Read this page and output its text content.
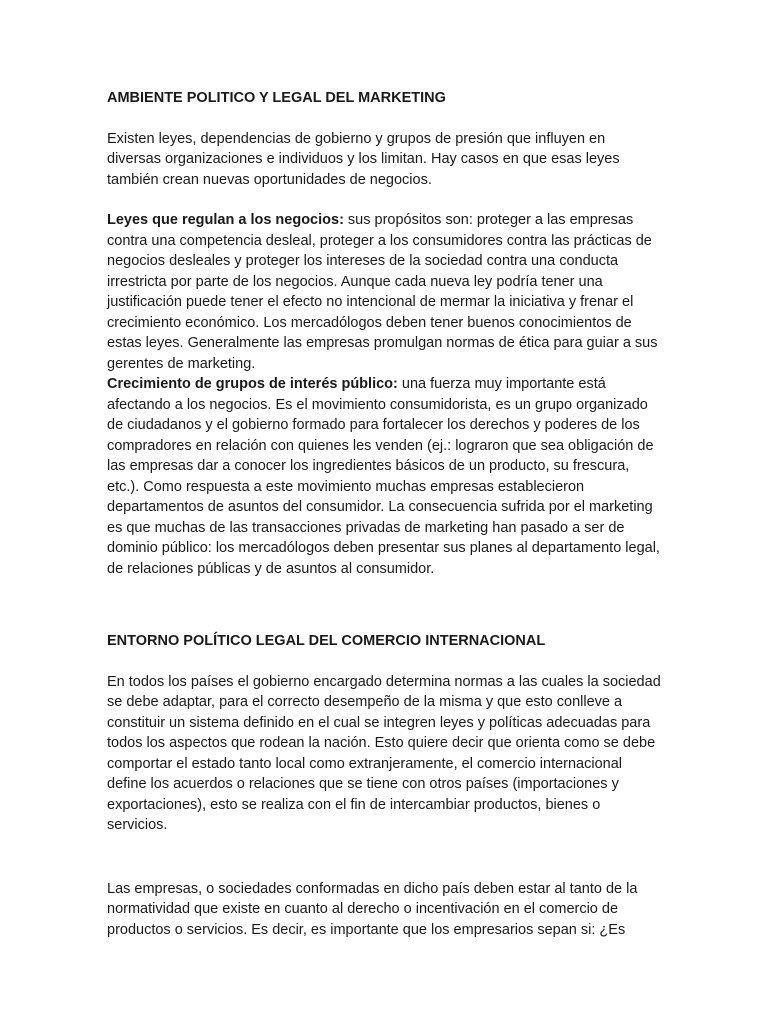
AMBIENTE POLITICO Y LEGAL DEL MARKETING

Existen leyes, dependencias de gobierno y grupos de presión que influyen en diversas organizaciones e individuos y los limitan. Hay casos en que esas leyes también crean nuevas oportunidades de negocios.

Leyes que regulan a los negocios: sus propósitos son: proteger a las empresas contra una competencia desleal, proteger a los consumidores contra las prácticas de negocios desleales y proteger los intereses de la sociedad contra una conducta irrestricta por parte de los negocios. Aunque cada nueva ley podría tener una justificación puede tener el efecto no intencional de mermar la iniciativa y frenar el crecimiento económico. Los mercadólogos deben tener buenos conocimientos de estas leyes. Generalmente las empresas promulgan normas de ética para guiar a sus gerentes de marketing.

Crecimiento de grupos de interés público: una fuerza muy importante está afectando a los negocios. Es el movimiento consumidorista, es un grupo organizado de ciudadanos y el gobierno formado para fortalecer los derechos y poderes de los compradores en relación con quienes les venden (ej.: lograron que sea obligación de las empresas dar a conocer los ingredientes básicos de un producto, su frescura, etc.). Como respuesta a este movimiento muchas empresas establecieron departamentos de asuntos del consumidor. La consecuencia sufrida por el marketing es que muchas de las transacciones privadas de marketing han pasado a ser de dominio público: los mercadólogos deben presentar sus planes al departamento legal, de relaciones públicas y de asuntos al consumidor.

ENTORNO POLÍTICO LEGAL DEL COMERCIO INTERNACIONAL

En todos los países el gobierno encargado determina normas a las cuales la sociedad se debe adaptar, para el correcto desempeño de la misma y que esto conlleve a constituir un sistema definido en el cual se integren leyes y políticas adecuadas para todos los aspectos que rodean la nación. Esto quiere decir que orienta como se debe comportar el estado tanto local como extranjeramente, el comercio internacional define los acuerdos o relaciones que se tiene con otros países (importaciones y exportaciones), esto se realiza con el fin de intercambiar productos, bienes o servicios.

Las empresas, o sociedades conformadas en dicho país deben estar al tanto de la normatividad que existe en cuanto al derecho o incentivación en el comercio de productos o servicios. Es decir, es importante que los empresarios sepan si: ¿Es
